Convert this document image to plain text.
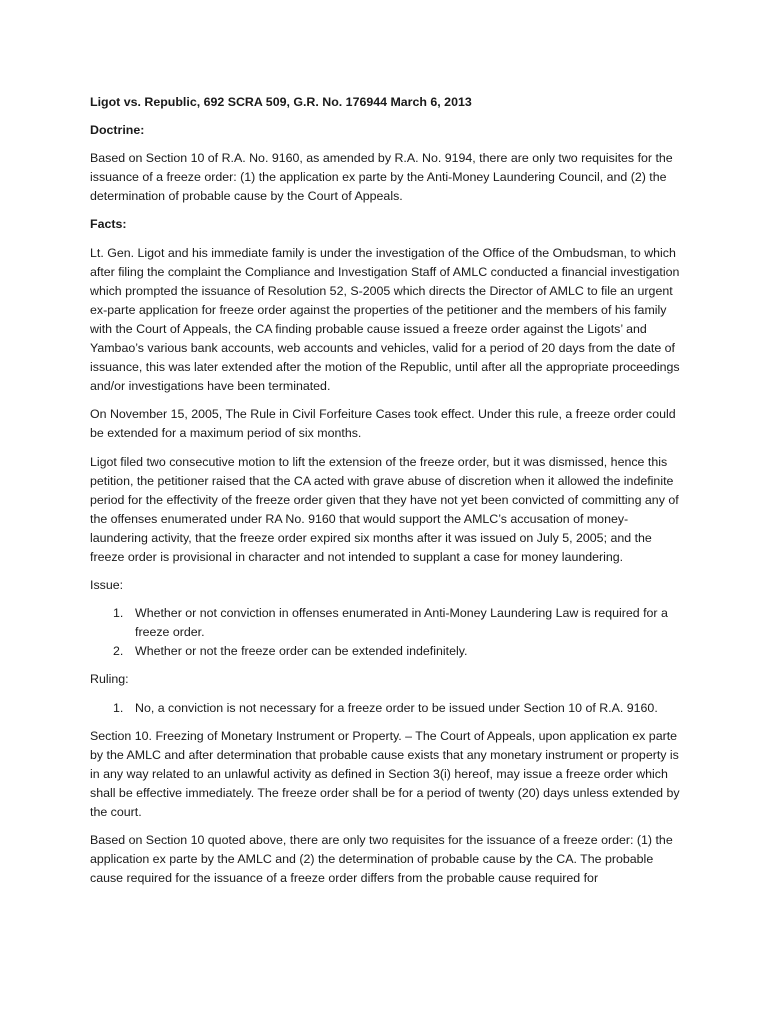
Ligot vs. Republic, 692 SCRA 509, G.R. No. 176944 March 6, 2013

Doctrine:

Based on Section 10 of R.A. No. 9160, as amended by R.A. No. 9194, there are only two requisites for the issuance of a freeze order: (1) the application ex parte by the Anti-Money Laundering Council, and (2) the determination of probable cause by the Court of Appeals.

Facts:

Lt. Gen. Ligot and his immediate family is under the investigation of the Office of the Ombudsman, to which after filing the complaint the Compliance and Investigation Staff of AMLC conducted a financial investigation which prompted the issuance of Resolution 52, S-2005 which directs the Director of AMLC to file an urgent ex-parte application for freeze order against the properties of the petitioner and the members of his family with the Court of Appeals, the CA finding probable cause issued a freeze order against the Ligots’ and Yambao’s various bank accounts, web accounts and vehicles, valid for a period of 20 days from the date of issuance, this was later extended after the motion of the Republic, until after all the appropriate proceedings and/or investigations have been terminated.

On November 15, 2005, The Rule in Civil Forfeiture Cases took effect. Under this rule, a freeze order could be extended for a maximum period of six months.

Ligot filed two consecutive motion to lift the extension of the freeze order, but it was dismissed, hence this petition, the petitioner raised that the CA acted with grave abuse of discretion when it allowed the indefinite period for the effectivity of the freeze order given that they have not yet been convicted of committing any of the offenses enumerated under RA No. 9160 that would support the AMLC’s accusation of money-laundering activity, that the freeze order expired six months after it was issued on July 5, 2005; and the freeze order is provisional in character and not intended to supplant a case for money laundering.

Issue:

1. Whether or not conviction in offenses enumerated in Anti-Money Laundering Law is required for a freeze order.
2. Whether or not the freeze order can be extended indefinitely.

Ruling:

1. No, a conviction is not necessary for a freeze order to be issued under Section 10 of R.A. 9160.

Section 10. Freezing of Monetary Instrument or Property. – The Court of Appeals, upon application ex parte by the AMLC and after determination that probable cause exists that any monetary instrument or property is in any way related to an unlawful activity as defined in Section 3(i) hereof, may issue a freeze order which shall be effective immediately. The freeze order shall be for a period of twenty (20) days unless extended by the court.

Based on Section 10 quoted above, there are only two requisites for the issuance of a freeze order: (1) the application ex parte by the AMLC and (2) the determination of probable cause by the CA. The probable cause required for the issuance of a freeze order differs from the probable cause required for
